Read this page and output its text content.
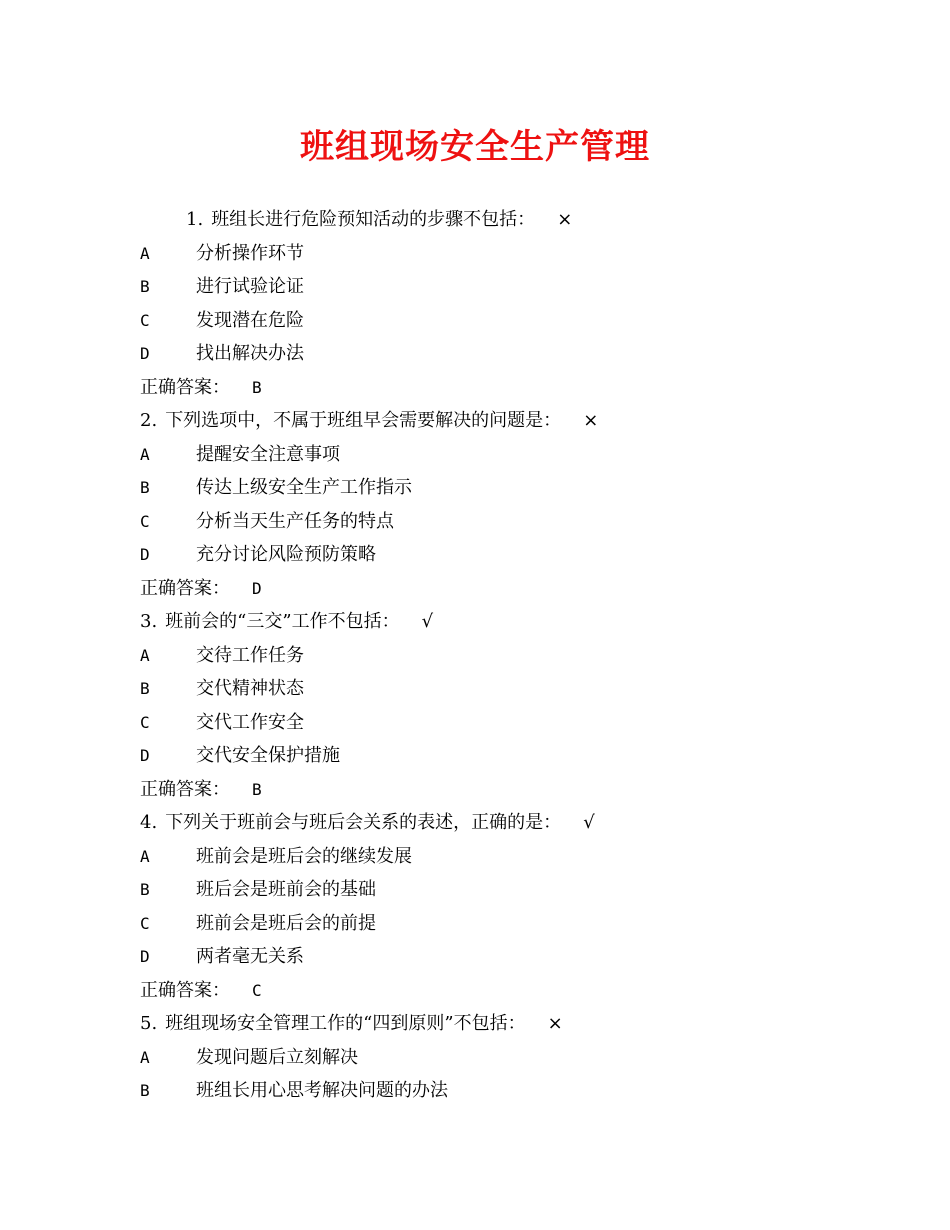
班组现场安全生产管理
1. 班组长进行危险预知活动的步骤不包括： ×
A	分析操作环节
B	进行试验论证
C	发现潜在危险
D	找出解决办法
正确答案： B
2. 下列选项中，不属于班组早会需要解决的问题是： ×
A	提醒安全注意事项
B	传达上级安全生产工作指示
C	分析当天生产任务的特点
D	充分讨论风险预防策略
正确答案： D
3. 班前会的“三交”工作不包括： √
A	交待工作任务
B	交代精神状态
C	交代工作安全
D	交代安全保护措施
正确答案： B
4. 下列关于班前会与班后会关系的表述，正确的是： √
A	班前会是班后会的继续发展
B	班后会是班前会的基础
C	班前会是班后会的前提
D	两者毫无关系
正确答案： C
5. 班组现场安全管理工作的“四到原则”不包括： ×
A	发现问题后立刻解决
B	班组长用心思考解决问题的办法
